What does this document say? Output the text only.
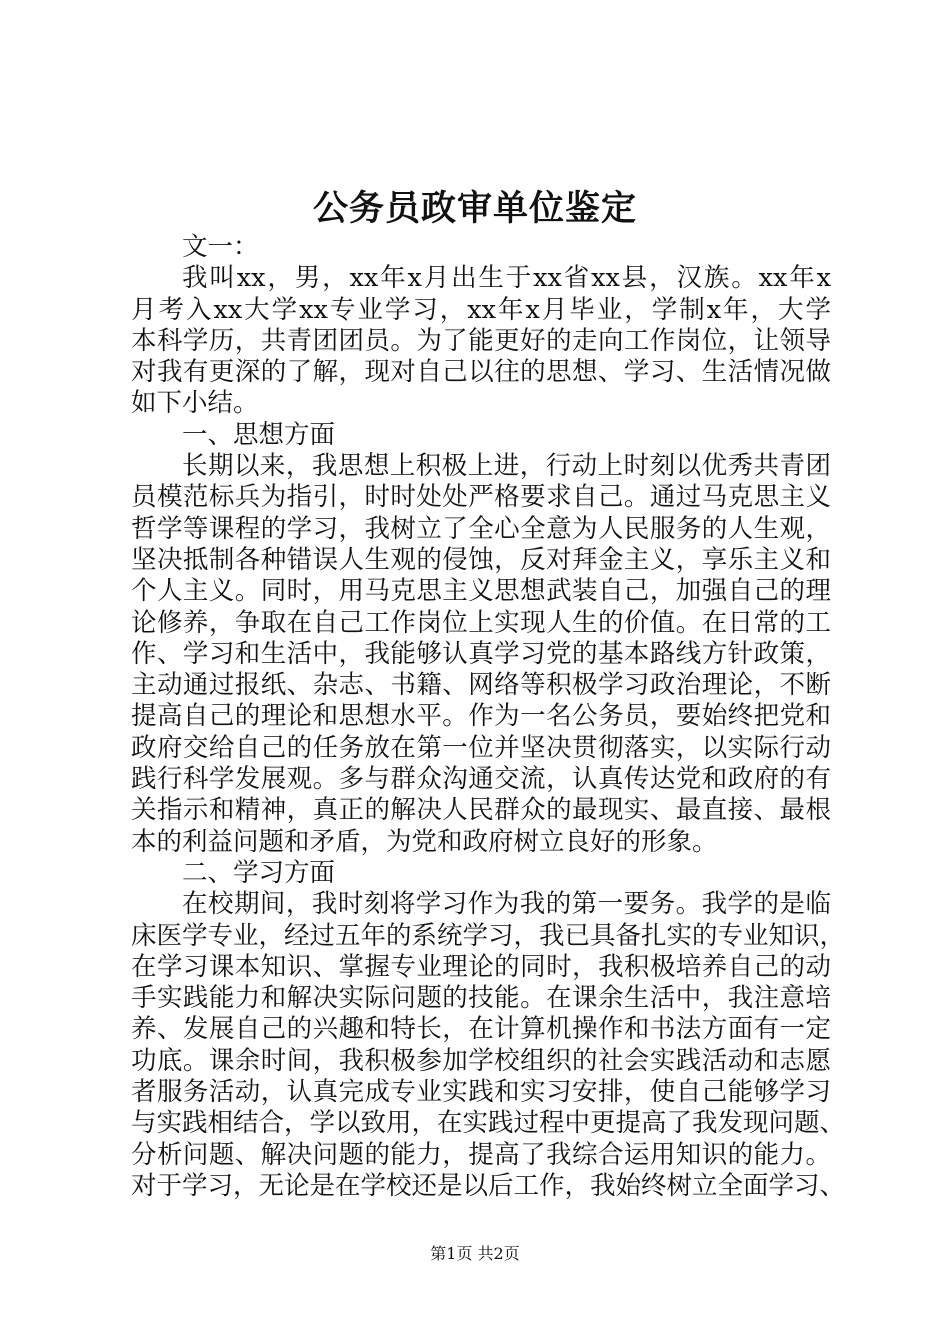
公务员政审单位鉴定
文一：
我叫xx，男，xx年x月出生于xx省xx县，汉族。xx年x
月考入xx大学xx专业学习，xx年x月毕业，学制x年，大学
本科学历，共青团团员。为了能更好的走向工作岗位，让领导
对我有更深的了解，现对自己以往的思想、学习、生活情况做
如下小结。
一、思想方面
长期以来，我思想上积极上进，行动上时刻以优秀共青团
员模范标兵为指引，时时处处严格要求自己。通过马克思主义
哲学等课程的学习，我树立了全心全意为人民服务的人生观，
坚决抵制各种错误人生观的侵蚀，反对拜金主义，享乐主义和
个人主义。同时，用马克思主义思想武装自己，加强自己的理
论修养，争取在自己工作岗位上实现人生的价值。在日常的工
作、学习和生活中，我能够认真学习党的基本路线方针政策，
主动通过报纸、杂志、书籍、网络等积极学习政治理论，不断
提高自己的理论和思想水平。作为一名公务员，要始终把党和
政府交给自己的任务放在第一位并坚决贯彻落实，以实际行动
践行科学发展观。多与群众沟通交流，认真传达党和政府的有
关指示和精神，真正的解决人民群众的最现实、最直接、最根
本的利益问题和矛盾，为党和政府树立良好的形象。
二、学习方面
在校期间，我时刻将学习作为我的第一要务。我学的是临
床医学专业，经过五年的系统学习，我已具备扎实的专业知识，
在学习课本知识、掌握专业理论的同时，我积极培养自己的动
手实践能力和解决实际问题的技能。在课余生活中，我注意培
养、发展自己的兴趣和特长，在计算机操作和书法方面有一定
功底。课余时间，我积极参加学校组织的社会实践活动和志愿
者服务活动，认真完成专业实践和实习安排，使自己能够学习
与实践相结合，学以致用，在实践过程中更提高了我发现问题、
分析问题、解决问题的能力，提高了我综合运用知识的能力。
对于学习，无论是在学校还是以后工作，我始终树立全面学习、
第1页 共2页
